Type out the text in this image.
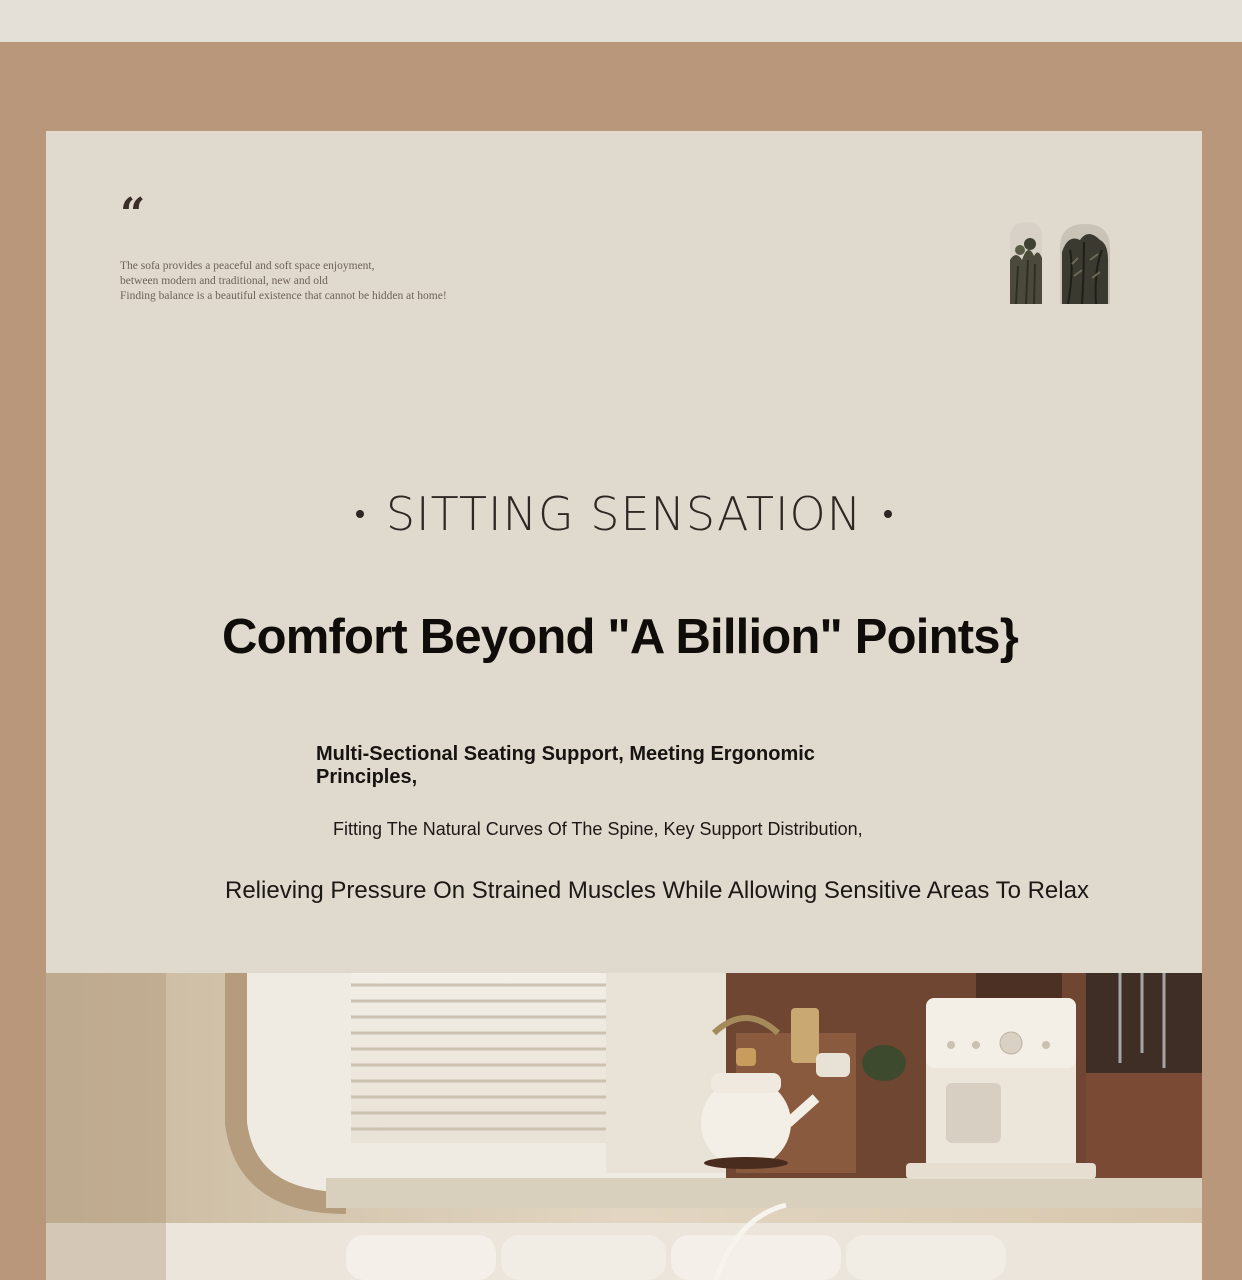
“
The sofa provides a peaceful and soft space enjoyment,
between modern and traditional, new and old
Finding balance is a beautiful existence that cannot be hidden at home!
SITTING SENSATION
Comfort Beyond "A Billion" Points}
Multi-Sectional Seating Support, Meeting Ergonomic Principles,
Fitting The Natural Curves Of The Spine, Key Support Distribution,
Relieving Pressure On Strained Muscles While Allowing Sensitive Areas To Relax
